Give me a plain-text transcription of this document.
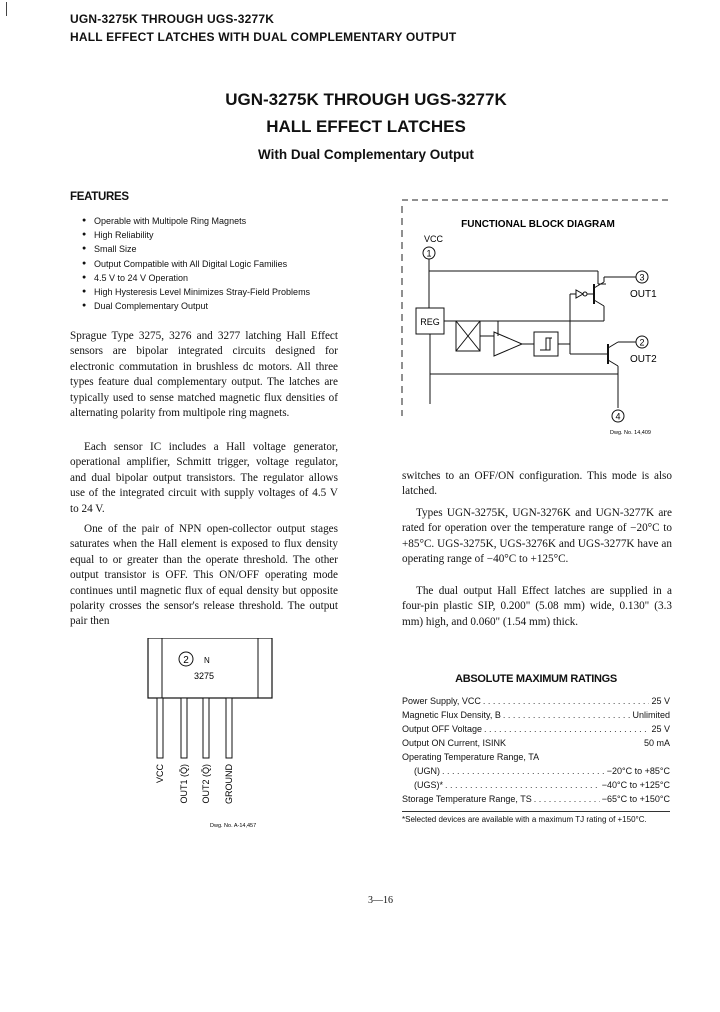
UGN-3275K THROUGH UGS-3277K
HALL EFFECT LATCHES WITH DUAL COMPLEMENTARY OUTPUT
UGN-3275K THROUGH UGS-3277K
HALL EFFECT LATCHES
With Dual Complementary Output
FEATURES
● Operable with Multipole Ring Magnets
● High Reliability
● Small Size
● Output Compatible with All Digital Logic Families
● 4.5 V to 24 V Operation
● High Hysteresis Level Minimizes Stray-Field Problems
● Dual Complementary Output
Sprague Type 3275, 3276 and 3277 latching Hall Effect sensors are bipolar integrated circuits designed for electronic commutation in brushless dc motors. All three types feature dual complementary output. The latches are typically used to sense matched magnetic flux densities of alternating polarity from multipole ring magnets.
Each sensor IC includes a Hall voltage generator, operational amplifier, Schmitt trigger, voltage regulator, and dual bipolar output transistors. The regulator allows use of the integrated circuit with supply voltages of 4.5 V to 24 V.
One of the pair of NPN open-collector output stages saturates when the Hall element is exposed to flux density equal to or greater than the operate threshold. The other output transistor is OFF. This ON/OFF operating mode continues until magnetic flux of equal density but opposite polarity crosses the sensor's release threshold. The output pair then
FUNCTIONAL BLOCK DIAGRAM
VCC
1
REG
3
OUT1
2
OUT2
4
Dwg. No. 14,409
switches to an OFF/ON configuration. This mode is also latched.
Types UGN-3275K, UGN-3276K and UGN-3277K are rated for operation over the temperature range of −20°C to +85°C. UGS-3275K, UGS-3276K and UGS-3277K have an operating range of −40°C to +125°C.
The dual output Hall Effect latches are supplied in a four-pin plastic SIP, 0.200" (5.08 mm) wide, 0.130" (3.3 mm) high, and 0.060" (1.54 mm) thick.
2 N
3275
VCC OUT1 (Q̄) OUT2 (Q̄) GROUND
Dwg. No. A-14,457
ABSOLUTE MAXIMUM RATINGS
Power Supply, VCC . . .	25 V
Magnetic Flux Density, B . . .	Unlimited
Output OFF Voltage . . .	25 V
Output ON Current, ISINK	50 mA
Operating Temperature Range, TA
(UGN) . . .	−20°C to +85°C
(UGS)* . . .	−40°C to +125°C
Storage Temperature Range, TS . . .	−65°C to +150°C
*Selected devices are available with a maximum TJ rating of +150°C.
3—16
